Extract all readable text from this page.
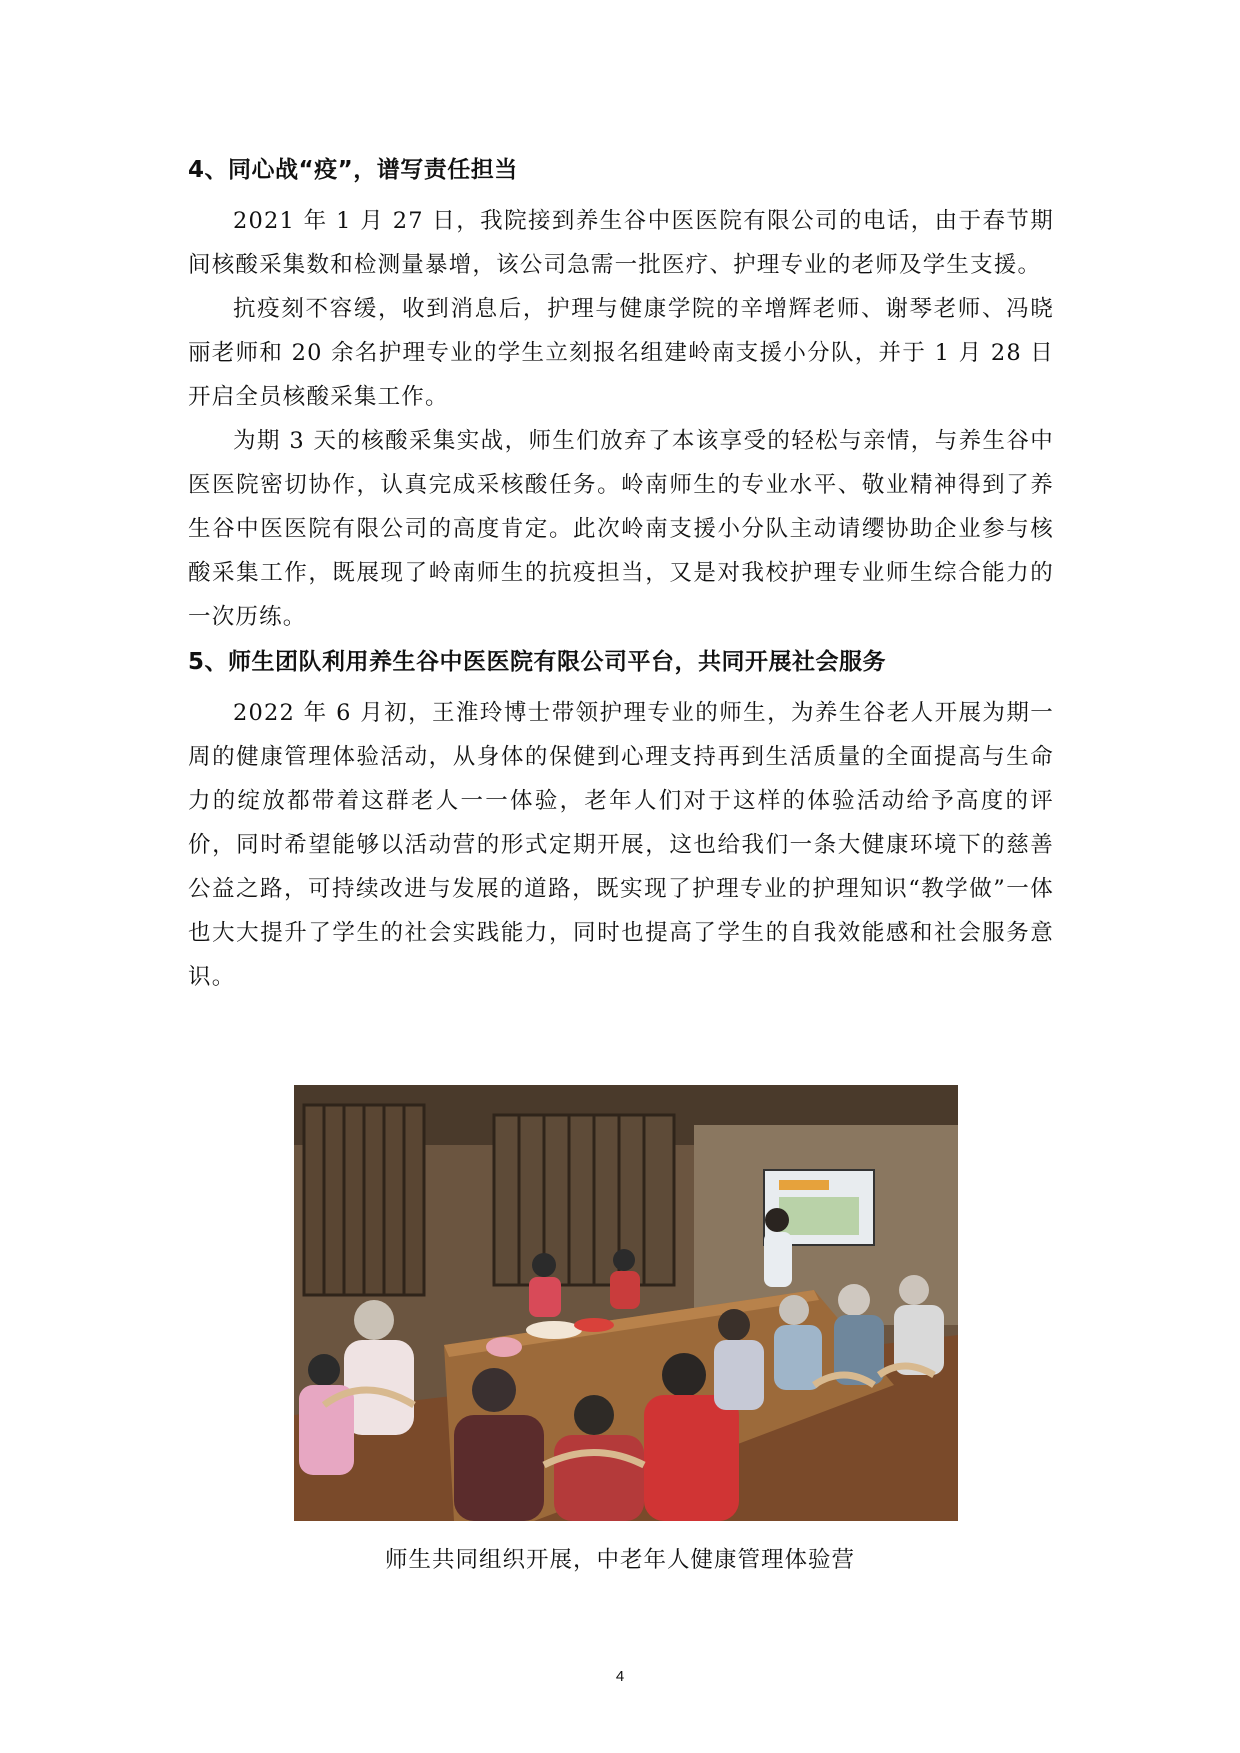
4、同心战“疫”，谱写责任担当

2021 年 1 月 27 日，我院接到养生谷中医医院有限公司的电话，由于春节期间核酸采集数和检测量暴增，该公司急需一批医疗、护理专业的老师及学生支援。

抗疫刻不容缓，收到消息后，护理与健康学院的辛增辉老师、谢琴老师、冯晓丽老师和 20 余名护理专业的学生立刻报名组建岭南支援小分队，并于 1 月 28 日开启全员核酸采集工作。

为期 3 天的核酸采集实战，师生们放弃了本该享受的轻松与亲情，与养生谷中医医院密切协作，认真完成采核酸任务。岭南师生的专业水平、敬业精神得到了养生谷中医医院有限公司的高度肯定。此次岭南支援小分队主动请缨协助企业参与核酸采集工作，既展现了岭南师生的抗疫担当，又是对我校护理专业师生综合能力的一次历练。

5、师生团队利用养生谷中医医院有限公司平台，共同开展社会服务

2022 年 6 月初，王淮玲博士带领护理专业的师生，为养生谷老人开展为期一周的健康管理体验活动，从身体的保健到心理支持再到生活质量的全面提高与生命力的绽放都带着这群老人一一体验，老年人们对于这样的体验活动给予高度的评价，同时希望能够以活动营的形式定期开展，这也给我们一条大健康环境下的慈善公益之路，可持续改进与发展的道路，既实现了护理专业的护理知识“教学做”一体也大大提升了学生的社会实践能力，同时也提高了学生的自我效能感和社会服务意识。

师生共同组织开展，中老年人健康管理体验营
4
